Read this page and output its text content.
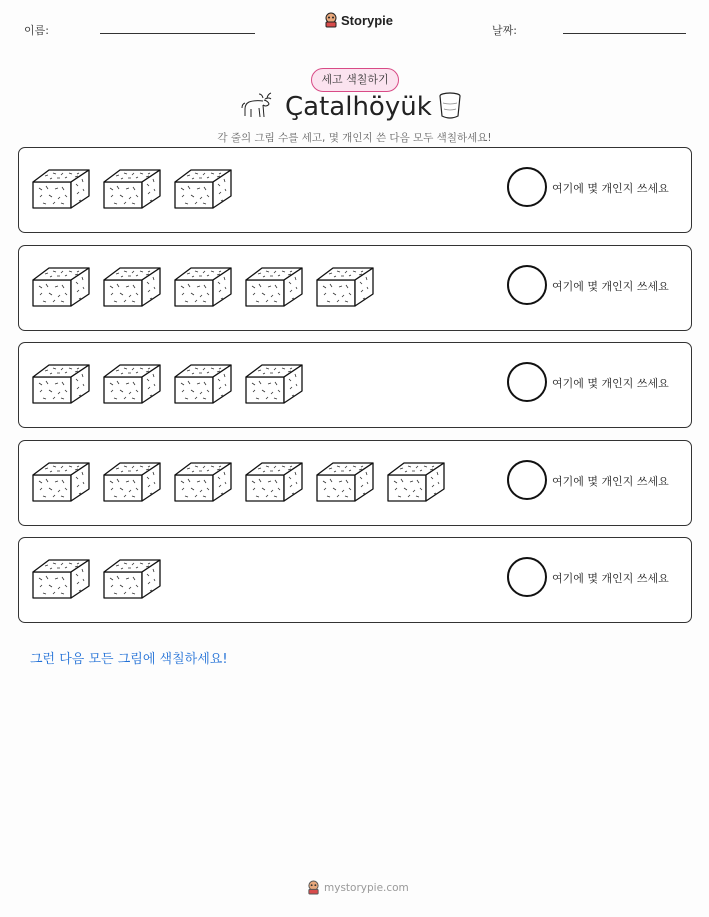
이름:
Storypie
날짜:
세고 색칠하기
Çatalhöyük
각 줄의 그림 수를 세고, 몇 개인지 쓴 다음 모두 색칠하세요!
여기에 몇 개인지 쓰세요
여기에 몇 개인지 쓰세요
여기에 몇 개인지 쓰세요
여기에 몇 개인지 쓰세요
여기에 몇 개인지 쓰세요
그런 다음 모든 그림에 색칠하세요!
mystorypie.com
